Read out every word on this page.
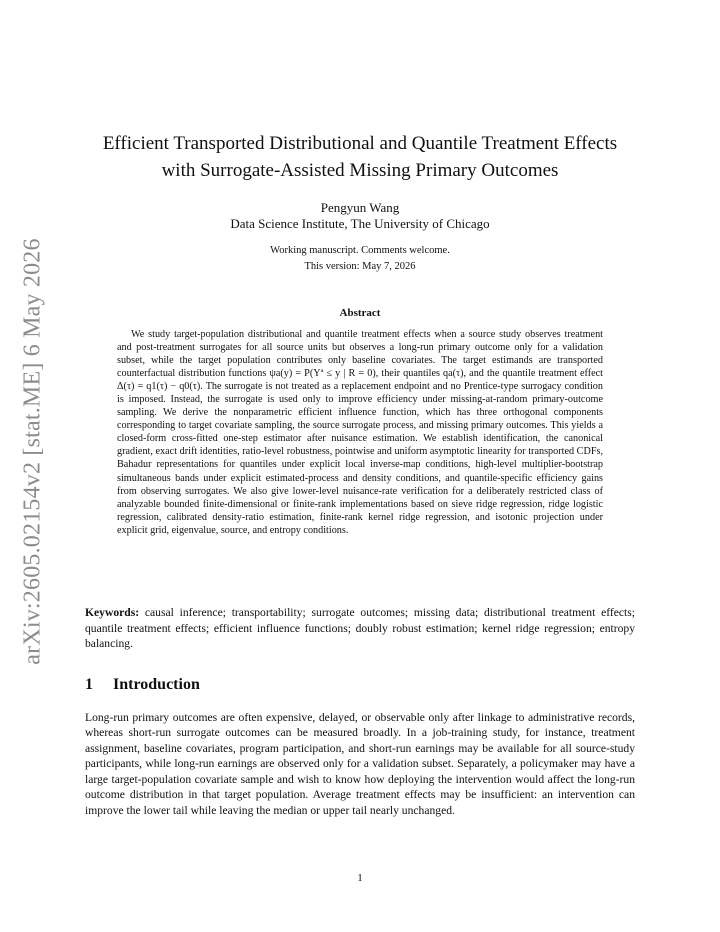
arXiv:2605.02154v2 [stat.ME] 6 May 2026
Efficient Transported Distributional and Quantile Treatment Effects
with Surrogate-Assisted Missing Primary Outcomes
Pengyun Wang
Data Science Institute, The University of Chicago
Working manuscript. Comments welcome.
This version: May 7, 2026
Abstract

We study target-population distributional and quantile treatment effects when a source study observes treatment and post-treatment surrogates for all source units but observes a long-run primary outcome only for a validation subset, while the target population contributes only baseline covariates. The target estimands are transported counterfactual distribution functions ψa(y) = P(Yª ≤ y | R = 0), their quantiles qa(τ), and the quantile treatment effect Δ(τ) = q1(τ) − q0(τ). The surrogate is not treated as a replacement endpoint and no Prentice-type surrogacy condition is imposed. Instead, the surrogate is used only to improve efficiency under missing-at-random primary-outcome sampling. We derive the nonparametric efficient influence function, which has three orthogonal components corresponding to target covariate sampling, the source surrogate process, and missing primary outcomes. This yields a closed-form cross-fitted one-step estimator after nuisance estimation. We establish identification, the canonical gradient, exact drift identities, ratio-level robustness, pointwise and uniform asymptotic linearity for transported CDFs, Bahadur representations for quantiles under explicit local inverse-map conditions, high-level multiplier-bootstrap simultaneous bands under explicit estimated-process and density conditions, and quantile-specific efficiency gains from observing surrogates. We also give lower-level nuisance-rate verification for a deliberately restricted class of analyzable bounded finite-dimensional or finite-rank implementations based on sieve ridge regression, ridge logistic regression, calibrated density-ratio estimation, finite-rank kernel ridge regression, and isotonic projection under explicit grid, eigenvalue, source, and entropy conditions.

Keywords: causal inference; transportability; surrogate outcomes; missing data; distributional treatment effects; quantile treatment effects; efficient influence functions; doubly robust estimation; kernel ridge regression; entropy balancing.

1 Introduction

Long-run primary outcomes are often expensive, delayed, or observable only after linkage to administrative records, whereas short-run surrogate outcomes can be measured broadly. In a job-training study, for instance, treatment assignment, baseline covariates, program participation, and short-run earnings may be available for all source-study participants, while long-run earnings are observed only for a validation subset. Separately, a policymaker may have a large target-population covariate sample and wish to know how deploying the intervention would affect the long-run outcome distribution in that target population. Average treatment effects may be insufficient: an intervention can improve the lower tail while leaving the median or upper tail nearly unchanged.

1
